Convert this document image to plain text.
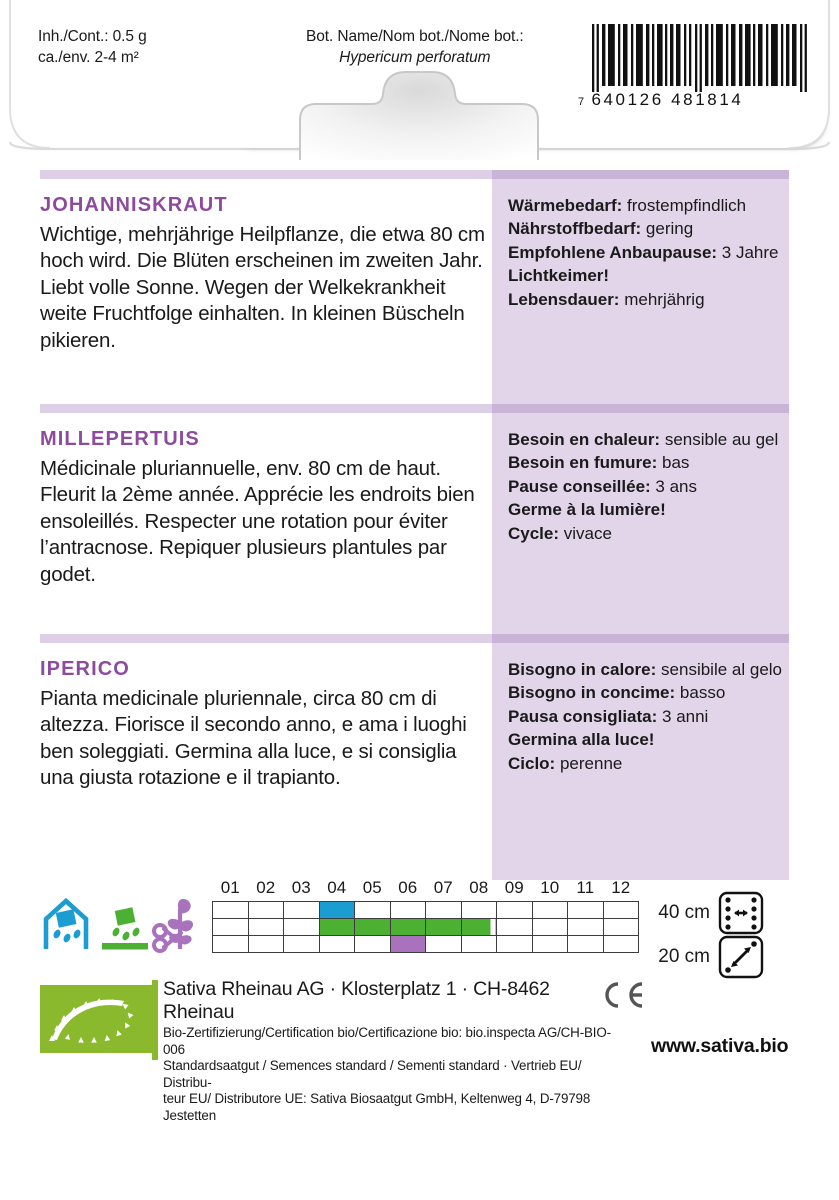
Inh./Cont.: 0.5 g
ca./env. 2-4 m²
Bot. Name/Nom bot./Nome bot.:
Hypericum perforatum
7 640126 481814
JOHANNISKRAUT
Wichtige, mehrjährige Heilpflanze, die etwa 80 cm hoch wird. Die Blüten erscheinen im zweiten Jahr. Liebt volle Sonne. Wegen der Welkekrankheit weite Fruchtfolge einhalten. In kleinen Büscheln pikieren.
Wärmebedarf: frostempfindlich
Nährstoffbedarf: gering
Empfohlene Anbaupause: 3 Jahre
Lichtkeimer!
Lebensdauer: mehrjährig
MILLEPERTUIS
Médicinale pluriannuelle, env. 80 cm de haut. Fleurit la 2ème année. Apprécie les endroits bien ensoleillés. Respecter une rotation pour éviter l’antracnose. Repiquer plusieurs plantules par godet.
Besoin en chaleur: sensible au gel
Besoin en fumure: bas
Pause conseillée: 3 ans
Germe à la lumière!
Cycle: vivace
IPERICO
Pianta medicinale pluriennale, circa 80 cm di altezza. Fiorisce il secondo anno, e ama i luoghi ben soleggiati. Germina alla luce, e si consiglia una giusta rotazione e il trapianto.
Bisogno in calore: sensibile al gelo
Bisogno in concime: basso
Pausa consigliata: 3 anni
Germina alla luce!
Ciclo: perenne
01	02	03	04	05	06	07	08	09	10	11	12

40 cm
20 cm
Sativa Rheinau AG · Klosterplatz 1 · CH-8462 Rheinau
Bio-Zertifizierung/Certification bio/Certificazione bio: bio.inspecta AG/CH-BIO-006
Standardsaatgut / Semences standard / Sementi standard · Vertrieb EU/ Distribu-
teur EU/ Distributore UE: Sativa Biosaatgut GmbH, Keltenweg 4, D-79798 Jestetten
www.sativa.bio
